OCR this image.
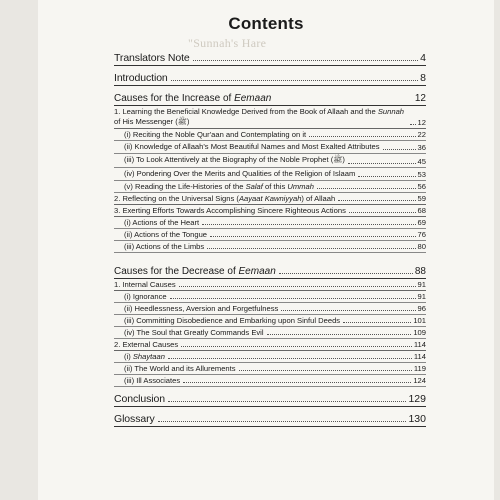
"Sunnah's Hare
Contents
Translators Note	4
Introduction	8
Causes for the Increase of Eemaan	12
1. Learning the Beneficial Knowledge Derived from the Book of Allaah and the Sunnah of His Messenger (ﷺ)	12
(i) Reciting the Noble Qur'aan and Contemplating on it	22
(ii) Knowledge of Allaah's Most Beautiful Names and Most Exalted Attributes	36
(iii) To Look Attentively at the Biography of the Noble Prophet (ﷺ)	45
(iv) Pondering Over the Merits and Qualities of the Religion of Islaam	53
(v) Reading the Life-Histories of the Salaf of this Ummah	56
2. Reflecting on the Universal Signs (Aayaat Kawniyyah) of Allaah	59
3. Exerting Efforts Towards Accomplishing Sincere Righteous Actions	68
(i) Actions of the Heart	69
(ii) Actions of the Tongue	76
(iii) Actions of the Limbs	80
Causes for the Decrease of Eemaan	88
1. Internal Causes	91
(i) Ignorance	91
(ii) Heedlessness, Aversion and Forgetfulness	96
(iii) Committing Disobedience and Embarking upon Sinful Deeds	101
(iv) The Soul that Greatly Commands Evil	109
2. External Causes	114
(i) Shaytaan	114
(ii) The World and its Allurements	119
(iii) Ill Associates	124
Conclusion	129
Glossary	130
